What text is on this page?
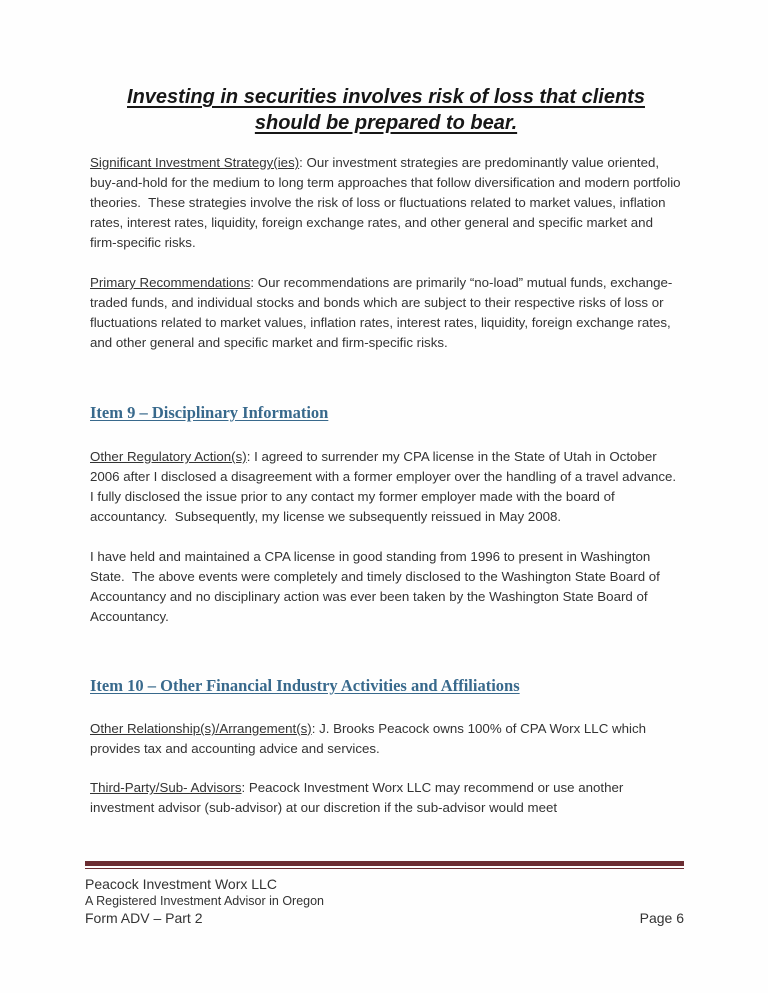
Investing in securities involves risk of loss that clients
should be prepared to bear.

Significant Investment Strategy(ies): Our investment strategies are predominantly value oriented, buy-and-hold for the medium to long term approaches that follow diversification and modern portfolio theories.  These strategies involve the risk of loss or fluctuations related to market values, inflation rates, interest rates, liquidity, foreign exchange rates, and other general and specific market and firm-specific risks.

Primary Recommendations: Our recommendations are primarily “no-load” mutual funds, exchange-traded funds, and individual stocks and bonds which are subject to their respective risks of loss or fluctuations related to market values, inflation rates, interest rates, liquidity, foreign exchange rates, and other general and specific market and firm-specific risks.

Item 9 – Disciplinary Information

Other Regulatory Action(s): I agreed to surrender my CPA license in the State of Utah in October 2006 after I disclosed a disagreement with a former employer over the handling of a travel advance.  I fully disclosed the issue prior to any contact my former employer made with the board of accountancy.  Subsequently, my license we subsequently reissued in May 2008.

I have held and maintained a CPA license in good standing from 1996 to present in Washington State.  The above events were completely and timely disclosed to the Washington State Board of Accountancy and no disciplinary action was ever been taken by the Washington State Board of Accountancy.

Item 10 – Other Financial Industry Activities and Affiliations

Other Relationship(s)/Arrangement(s): J. Brooks Peacock owns 100% of CPA Worx LLC which provides tax and accounting advice and services.

Third-Party/Sub- Advisors: Peacock Investment Worx LLC may recommend or use another investment advisor (sub-advisor) at our discretion if the sub-advisor would meet

Peacock Investment Worx LLC
A Registered Investment Advisor in Oregon
Form ADV – Part 2	Page 6
